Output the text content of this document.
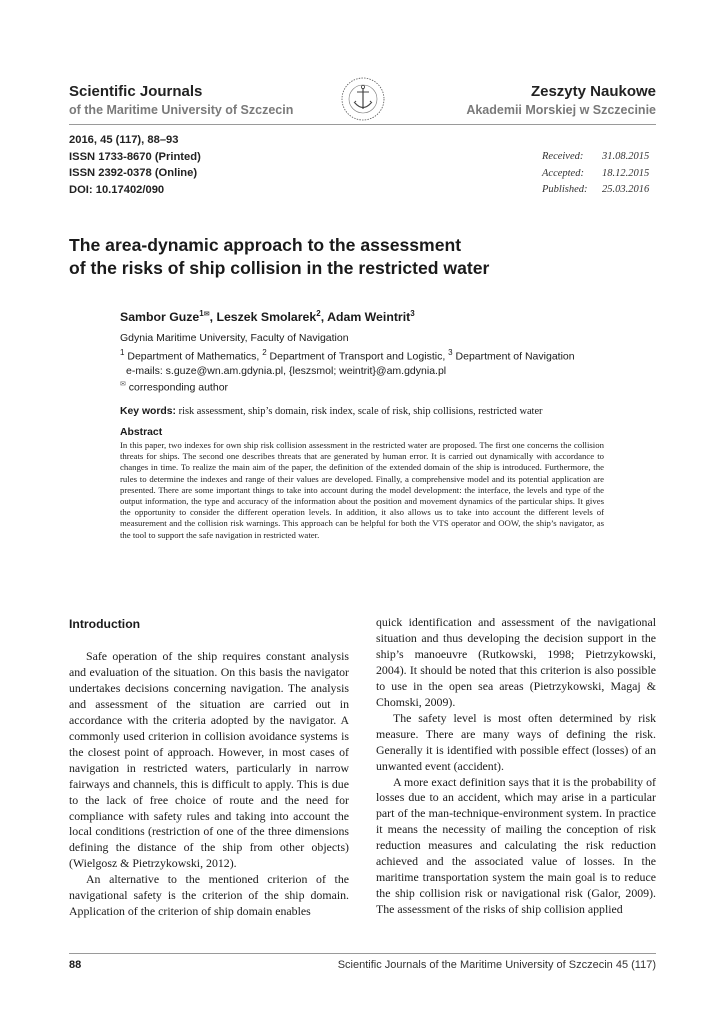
Scientific Journals
of the Maritime University of Szczecin
Zeszyty Naukowe
Akademii Morskiej w Szczecinie
2016, 45 (117), 88–93
ISSN 1733-8670 (Printed)
ISSN 2392-0378 (Online)
DOI: 10.17402/090
Received:	31.08.2015
Accepted:	18.12.2015
Published:	25.03.2016
The area-dynamic approach to the assessment
of the risks of ship collision in the restricted water
Sambor Guze$^{1✉}$, Leszek Smolarek$^2$, Adam Weintrit$^3$
Gdynia Maritime University, Faculty of Navigation
$^1$ Department of Mathematics, $^2$ Department of Transport and Logistic, $^3$ Department of Navigation
e-mails: s.guze@wn.am.gdynia.pl, {leszsmol; weintrit}@am.gdynia.pl
✉ corresponding author
Key words: risk assessment, ship’s domain, risk index, scale of risk, ship collisions, restricted water
Abstract
In this paper, two indexes for own ship risk collision assessment in the restricted water are proposed. The first one concerns the collision threats for ships. The second one describes threats that are generated by human error. It is carried out dynamically with accordance to changes in time. To realize the main aim of the paper, the definition of the extended domain of the ship is introduced. Furthermore, the rules to determine the indexes and range of their values are developed. Finally, a comprehensive model and its potential application are presented. There are some important things to take into account during the model development: the interface, the levels and type of the output information, the type and accuracy of the information about the position and movement dynamics of the particular ships. It gives the opportunity to consider the different operation levels. In addition, it also allows us to take into account the different levels of measurement and the collision risk warnings. This approach can be helpful for both the VTS operator and OOW, the ship’s navigator, as the tool to support the safe navigation in restricted water.
Introduction

Safe operation of the ship requires constant analysis and evaluation of the situation. On this basis the navigator undertakes decisions concerning navigation. The analysis and assessment of the situation are carried out in accordance with the criteria adopted by the navigator. A commonly used criterion in collision avoidance systems is the closest point of approach. However, in most cases of navigation in restricted waters, particularly in narrow fairways and channels, this is difficult to apply. This is due to the lack of free choice of route and the need for compliance with safety rules and taking into account the local conditions (restriction of one of the three dimensions defining the distance of the ship from other objects) (Wielgosz & Pietrzykowski, 2012).

An alternative to the mentioned criterion of the navigational safety is the criterion of the ship domain. Application of the criterion of ship domain enables

quick identification and assessment of the navigational situation and thus developing the decision support in the ship’s manoeuvre (Rutkowski, 1998; Pietrzykowski, 2004). It should be noted that this criterion is also possible to use in the open sea areas (Pietrzykowski, Magaj & Chomski, 2009).

The safety level is most often determined by risk measure. There are many ways of defining the risk. Generally it is identified with possible effect (losses) of an unwanted event (accident).

A more exact definition says that it is the probability of losses due to an accident, which may arise in a particular part of the man-technique-environment system. In practice it means the necessity of mailing the conception of risk reduction measures and calculating the risk reduction achieved and the associated value of losses. In the maritime transportation system the main goal is to reduce the ship collision risk or navigational risk (Galor, 2009). The assessment of the risks of ship collision applied

88	Scientific Journals of the Maritime University of Szczecin 45 (117)
